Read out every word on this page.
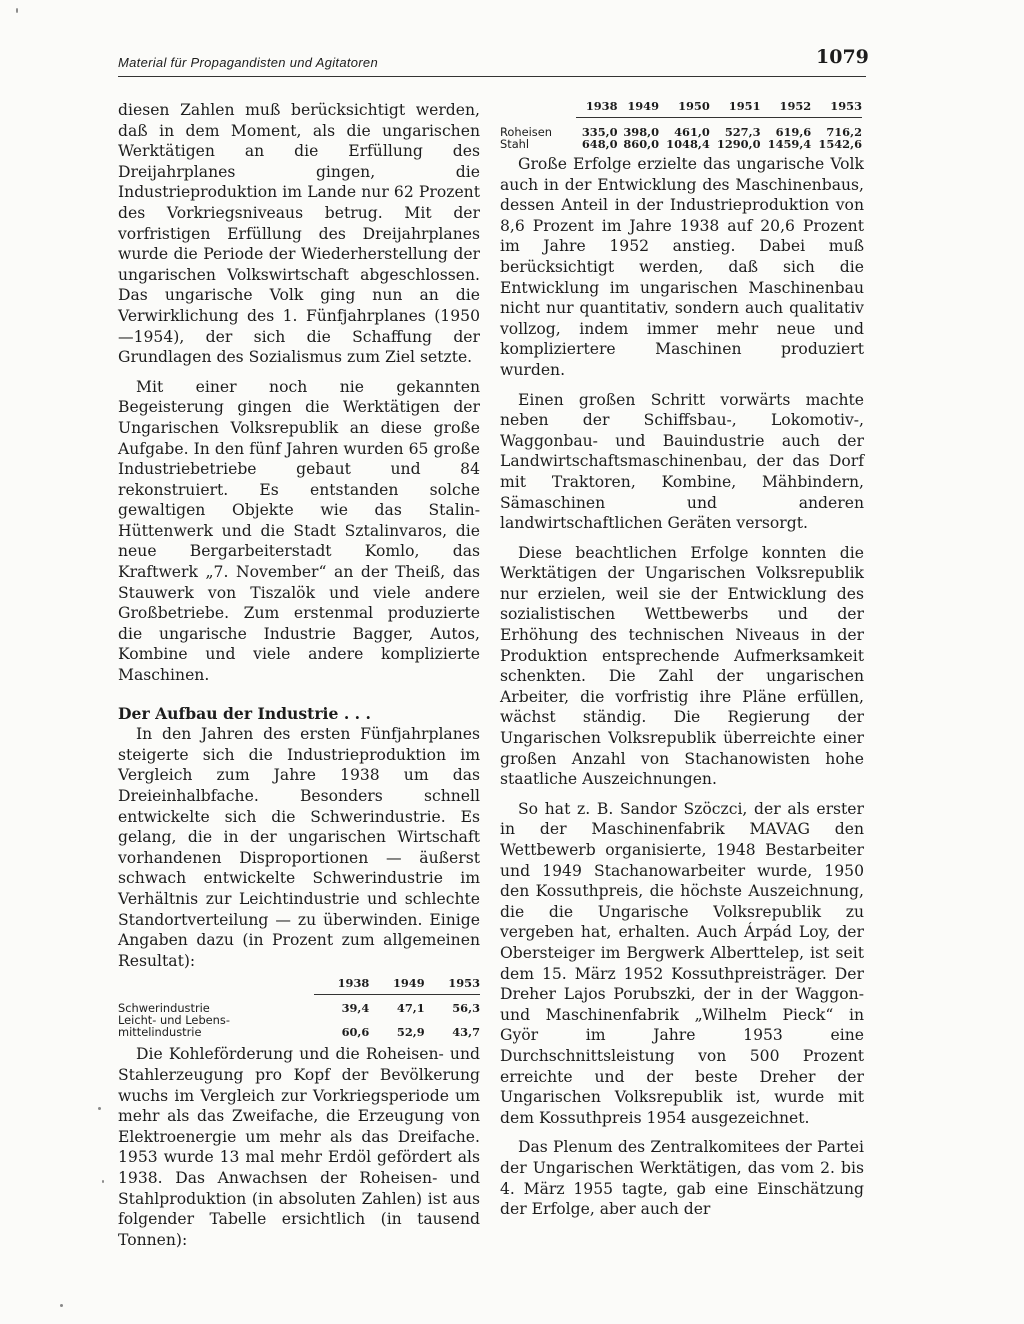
Material für Propagandisten und Agitatoren	1079

diesen Zahlen muß berücksichtigt werden, daß in dem Moment, als die ungarischen Werktätigen an die Erfüllung des Dreijahrplanes gingen, die Industrieproduktion im Lande nur 62 Prozent des Vorkriegsniveaus betrug. Mit der vorfristigen Erfüllung des Dreijahrplanes wurde die Periode der Wiederherstellung der ungarischen Volkswirtschaft abgeschlossen. Das ungarische Volk ging nun an die Verwirklichung des 1. Fünfjahrplanes (1950—1954), der sich die Schaffung der Grundlagen des Sozialismus zum Ziel setzte.

Mit einer noch nie gekannten Begeisterung gingen die Werktätigen der Ungarischen Volksrepublik an diese große Aufgabe. In den fünf Jahren wurden 65 große Industriebetriebe gebaut und 84 rekonstruiert. Es entstanden solche gewaltigen Objekte wie das Stalin-Hüttenwerk und die Stadt Sztalinvaros, die neue Bergarbeiterstadt Komlo, das Kraftwerk „7. November“ an der Theiß, das Stauwerk von Tiszalök und viele andere Großbetriebe. Zum erstenmal produzierte die ungarische Industrie Bagger, Autos, Kombine und viele andere komplizierte Maschinen.

Der Aufbau der Industrie . . .

In den Jahren des ersten Fünfjahrplanes steigerte sich die Industrieproduktion im Vergleich zum Jahre 1938 um das Dreieinhalbfache. Besonders schnell entwickelte sich die Schwerindustrie. Es gelang, die in der ungarischen Wirtschaft vorhandenen Disproportionen — äußerst schwach entwickelte Schwerindustrie im Verhältnis zur Leichtindustrie und schlechte Standortverteilung — zu überwinden. Einige Angaben dazu (in Prozent zum allgemeinen Resultat):

	1938	1949	1953
Schwerindustrie	39,4	47,1	56,3
Leicht- und Lebens-			
mittelindustrie	60,6	52,9	43,7

Die Kohleförderung und die Roheisen- und Stahlerzeugung pro Kopf der Bevölkerung wuchs im Vergleich zur Vorkriegsperiode um mehr als das Zweifache, die Erzeugung von Elektroenergie um mehr als das Dreifache. 1953 wurde 13 mal mehr Erdöl gefördert als 1938. Das Anwachsen der Roheisen- und Stahlproduktion (in absoluten Zahlen) ist aus folgender Tabelle ersichtlich (in tausend Tonnen):

	1938	1949	1950	1951	1952	1953
Roheisen	335,0	398,0	461,0	527,3	619,6	716,2
Stahl	648,0	860,0	1048,4	1290,0	1459,4	1542,6

Große Erfolge erzielte das ungarische Volk auch in der Entwicklung des Maschinenbaus, dessen Anteil in der Industrieproduktion von 8,6 Prozent im Jahre 1938 auf 20,6 Prozent im Jahre 1952 anstieg. Dabei muß berücksichtigt werden, daß sich die Entwicklung im ungarischen Maschinenbau nicht nur quantitativ, sondern auch qualitativ vollzog, indem immer mehr neue und kompliziertere Maschinen produziert wurden.

Einen großen Schritt vorwärts machte neben der Schiffsbau-, Lokomotiv-, Waggonbau- und Bauindustrie auch der Landwirtschaftsmaschinenbau, der das Dorf mit Traktoren, Kombine, Mähbindern, Sämaschinen und anderen landwirtschaftlichen Geräten versorgt.

Diese beachtlichen Erfolge konnten die Werktätigen der Ungarischen Volksrepublik nur erzielen, weil sie der Entwicklung des sozialistischen Wettbewerbs und der Erhöhung des technischen Niveaus in der Produktion entsprechende Aufmerksamkeit schenkten. Die Zahl der ungarischen Arbeiter, die vorfristig ihre Pläne erfüllen, wächst ständig. Die Regierung der Ungarischen Volksrepublik überreichte einer großen Anzahl von Stachanowisten hohe staatliche Auszeichnungen.

So hat z. B. Sandor Szöczci, der als erster in der Maschinenfabrik MAVAG den Wettbewerb organisierte, 1948 Bestarbeiter und 1949 Stachanowarbeiter wurde, 1950 den Kossuthpreis, die höchste Auszeichnung, die die Ungarische Volksrepublik zu vergeben hat, erhalten. Auch Árpád Loy, der Obersteiger im Bergwerk Alberttelep, ist seit dem 15. März 1952 Kossuthpreisträger. Der Dreher Lajos Porubszki, der in der Waggon- und Maschinenfabrik „Wilhelm Pieck“ in Györ im Jahre 1953 eine Durchschnittsleistung von 500 Prozent erreichte und der beste Dreher der Ungarischen Volksrepublik ist, wurde mit dem Kossuthpreis 1954 ausgezeichnet.

Das Plenum des Zentralkomitees der Partei der Ungarischen Werktätigen, das vom 2. bis 4. März 1955 tagte, gab eine Einschätzung der Erfolge, aber auch der
